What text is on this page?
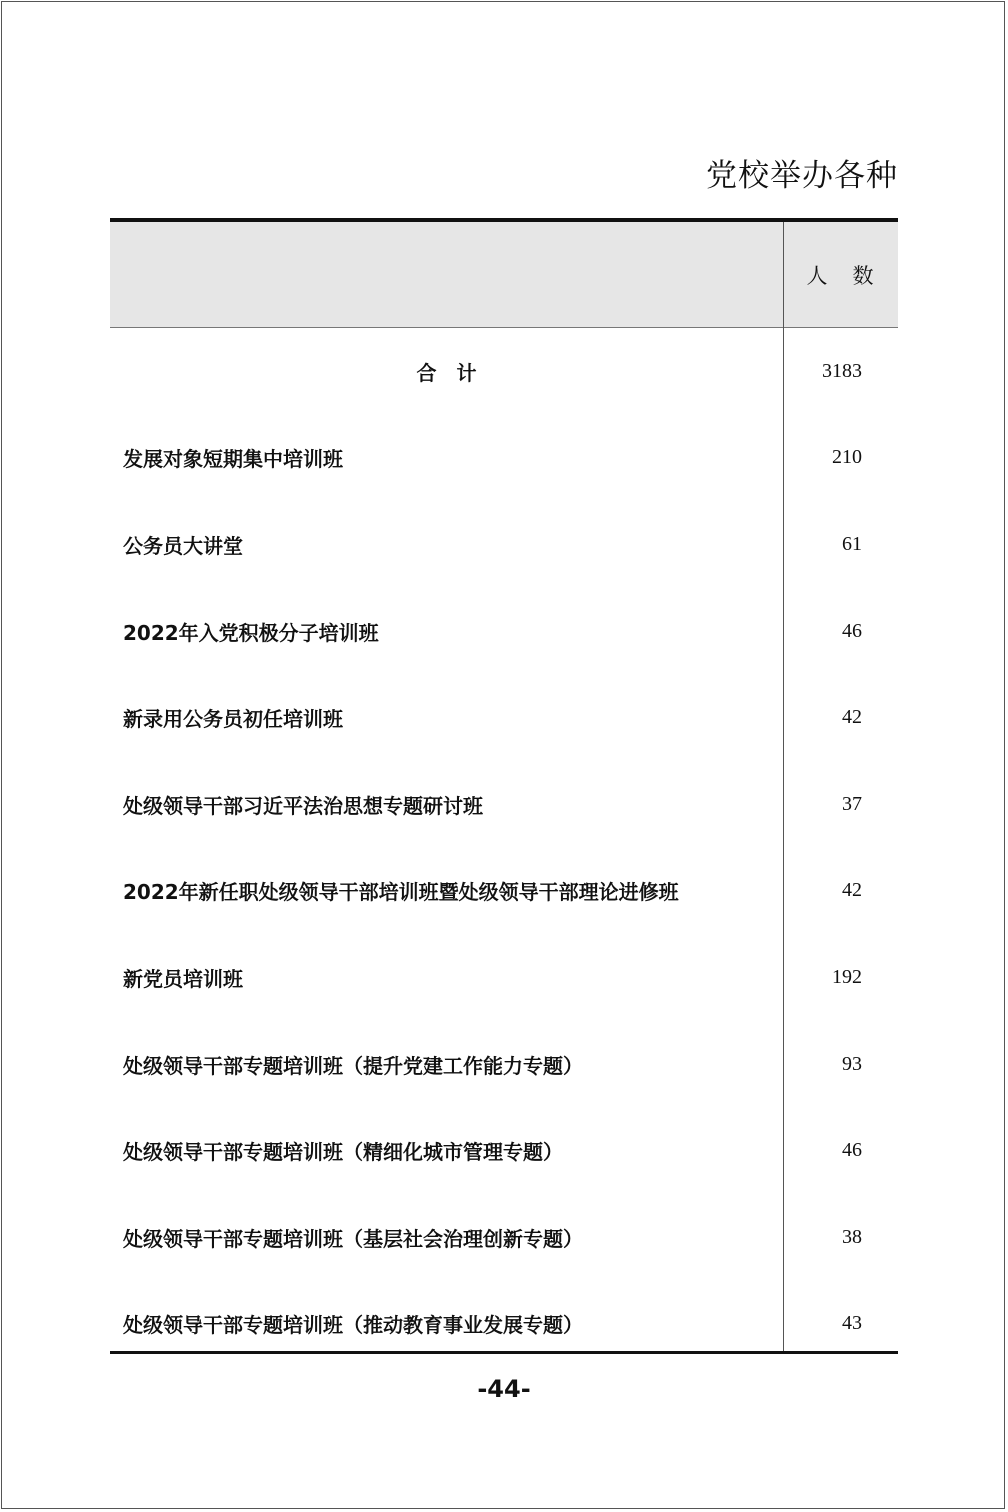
党校举办各种
人　数
合　计	3183
发展对象短期集中培训班	210
公务员大讲堂	61
2022年入党积极分子培训班	46
新录用公务员初任培训班	42
处级领导干部习近平法治思想专题研讨班	37
2022年新任职处级领导干部培训班暨处级领导干部理论进修班	42
新党员培训班	192
处级领导干部专题培训班（提升党建工作能力专题）	93
处级领导干部专题培训班（精细化城市管理专题）	46
处级领导干部专题培训班（基层社会治理创新专题）	38
处级领导干部专题培训班（推动教育事业发展专题）	43
-44-
